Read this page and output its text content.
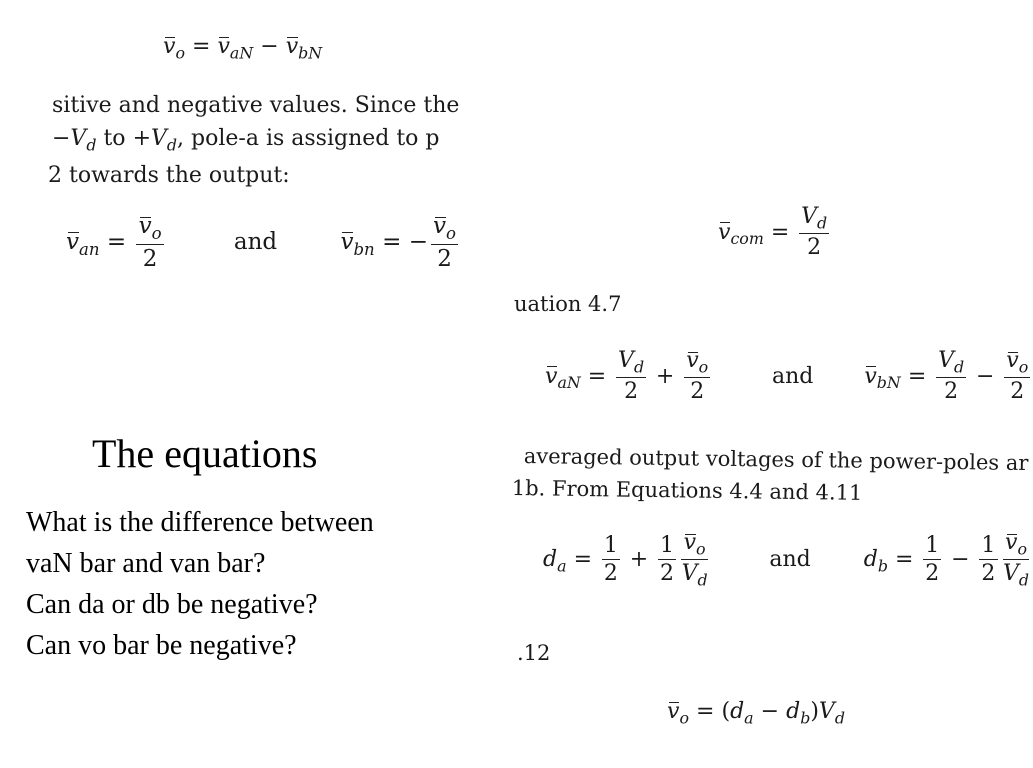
$v_o = v_{aN} - v_{bN}$
sitive and negative values. Since the
$-V_d$ to $+V_d$, pole-a is assigned to p
2 towards the output:
$v_{an} = \frac{v_o}{2}$	and	$v_{bn}$ = − $\frac{v_o}{2}$
The equations
What is the difference between
vaN bar and van bar?
Can da or db be negative?
Can vo bar be negative?
$v_{com} = \frac{V_d}{2}$
uation 4.7
$v_{aN} = \frac{V_d}{2} + \frac{v_o}{2}$	and $v_{bN} = \frac{V_d}{2} - \frac{v_o}{2}$
averaged output voltages of the power-poles ar
1b. From Equations 4.4 and 4.11
$d_a = \frac{1}{2} + \frac{1}{2} \frac{v_o}{V_d}$	and $d_b = \frac{1}{2} - \frac{1}{2} \frac{v_o}{V_d}$
.12
$v_o = (d_a - d_b)V_d$
